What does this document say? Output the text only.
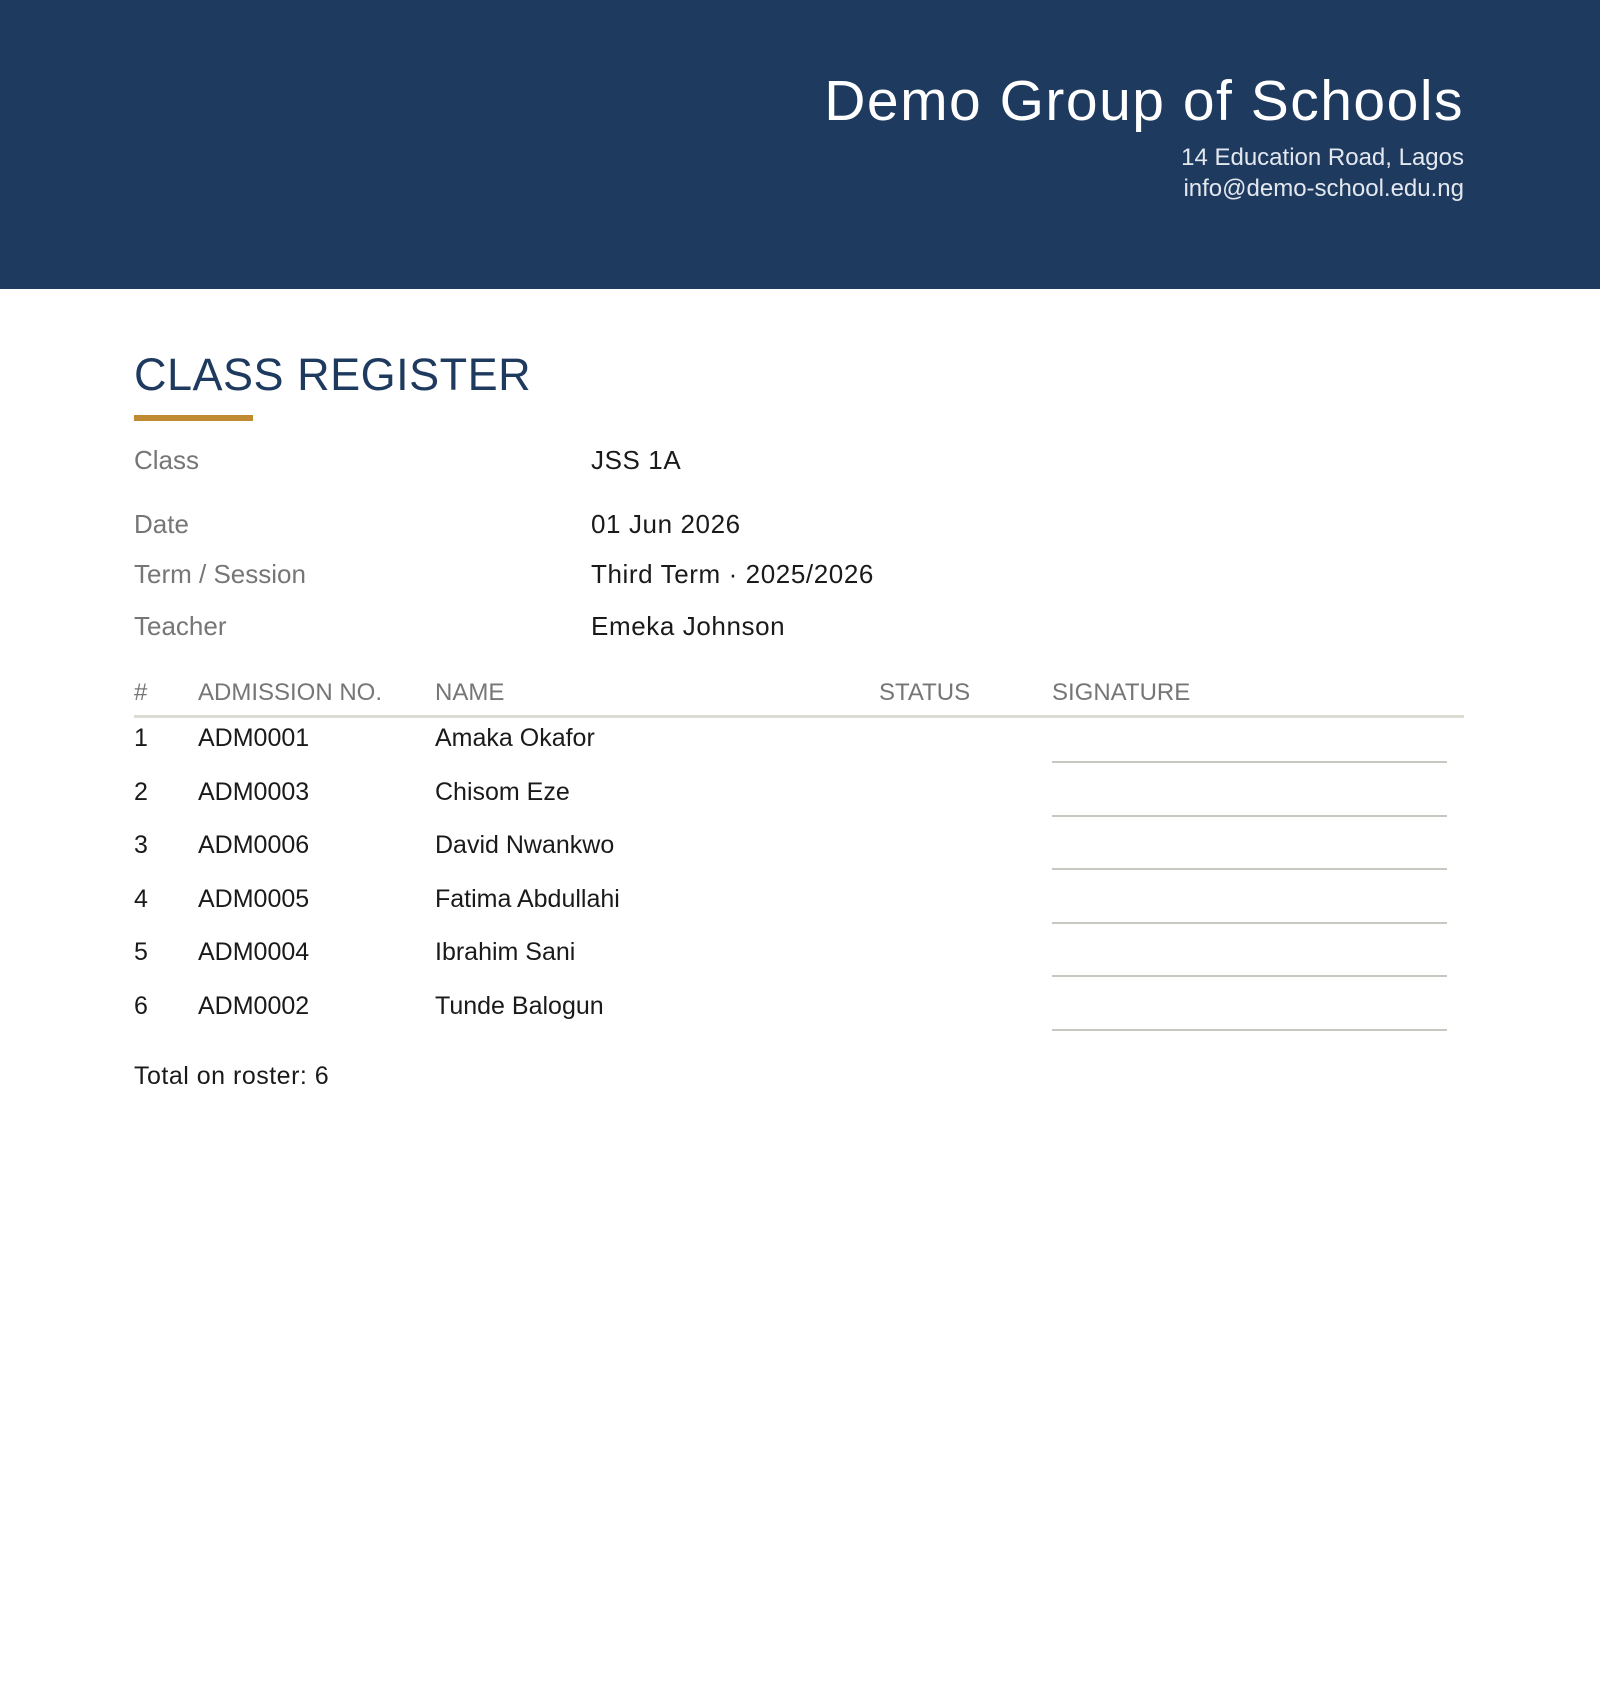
Demo Group of Schools
14 Education Road, Lagos
info@demo-school.edu.ng
CLASS REGISTER
Class	JSS 1A
Date	01 Jun 2026
Term / Session	Third Term · 2025/2026
Teacher	Emeka Johnson
# ADMISSION NO. NAME	STATUS	SIGNATURE
1 ADM0001	Amaka Okafor
2 ADM0003	Chisom Eze
3 ADM0006	David Nwankwo
4 ADM0005	Fatima Abdullahi
5 ADM0004	Ibrahim Sani
6 ADM0002	Tunde Balogun
Total on roster: 6
